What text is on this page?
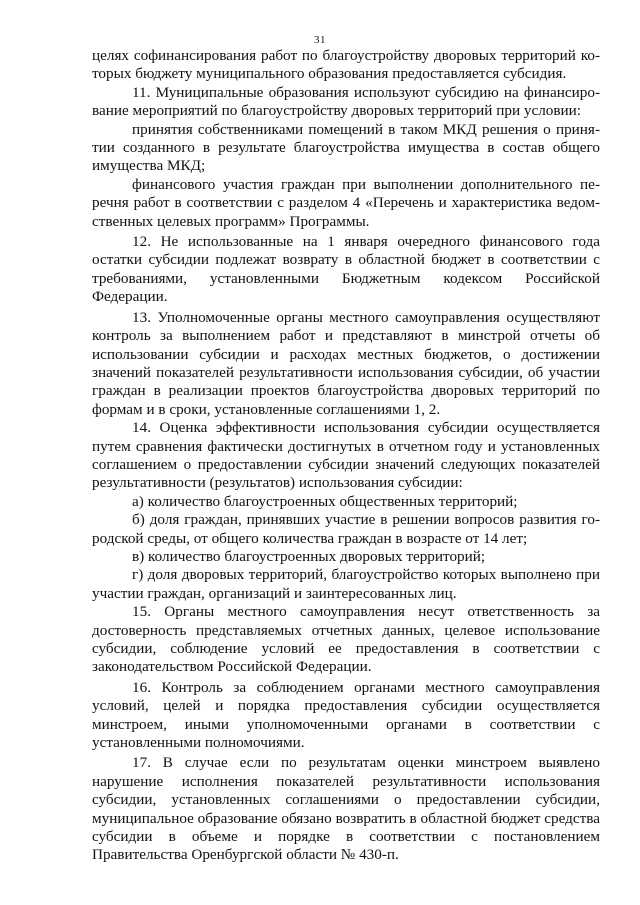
31

целях софинансирования работ по благоустройству дворовых территорий которых бюджету муниципального образования предоставляется субсидия.

11. Муниципальные образования используют субсидию на финансирование мероприятий по благоустройству дворовых территорий при условии:

принятия собственниками помещений в таком МКД решения о принятии созданного в результате благоустройства имущества в состав общего имущества МКД;

финансового участия граждан при выполнении дополнительного перечня работ в соответствии с разделом 4 «Перечень и характеристика ведомственных целевых программ» Программы.

12. Не использованные на 1 января очередного финансового года остатки субсидии подлежат возврату в областной бюджет в соответствии с требованиями, установленными Бюджетным кодексом Российской Федерации.

13. Уполномоченные органы местного самоуправления осуществляют контроль за выполнением работ и представляют в минстрой отчеты об использовании субсидии и расходах местных бюджетов, о достижении значений показателей результативности использования субсидии, об участии граждан в реализации проектов благоустройства дворовых территорий по формам и в сроки, установленные соглашениями 1, 2.

14. Оценка эффективности использования субсидии осуществляется путем сравнения фактически достигнутых в отчетном году и установленных соглашением о предоставлении субсидии значений следующих показателей результативности (результатов) использования субсидии:

а) количество благоустроенных общественных территорий;

б) доля граждан, принявших участие в решении вопросов развития городской среды, от общего количества граждан в возрасте от 14 лет;

в) количество благоустроенных дворовых территорий;

г) доля дворовых территорий, благоустройство которых выполнено при участии граждан, организаций и заинтересованных лиц.

15. Органы местного самоуправления несут ответственность за достоверность представляемых отчетных данных, целевое использование субсидии, соблюдение условий ее предоставления в соответствии с законодательством Российской Федерации.

16. Контроль за соблюдением органами местного самоуправления условий, целей и порядка предоставления субсидии осуществляется минстроем, иными уполномоченными органами в соответствии с установленными полномочиями.

17. В случае если по результатам оценки минстроем выявлено нарушение исполнения показателей результативности использования субсидии, установленных соглашениями о предоставлении субсидии, муниципальное образование обязано возвратить в областной бюджет средства субсидии в объеме и порядке в соответствии с постановлением Правительства Оренбургской области № 430-п.
